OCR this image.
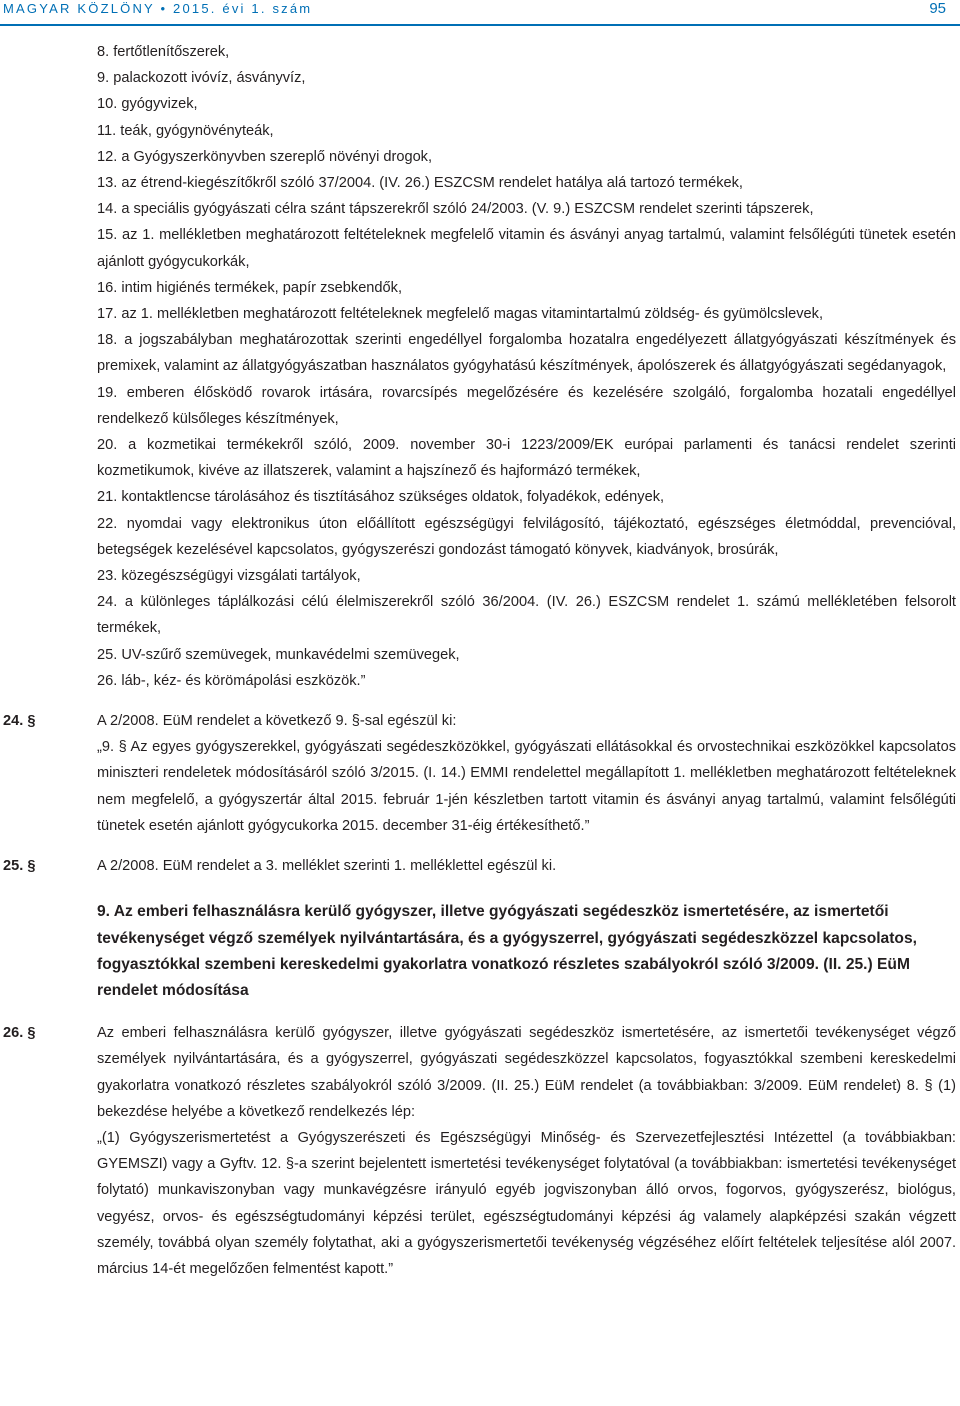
MAGYAR KÖZLÖNY • 2015. évi 1. szám	95

8. fertőtlenítőszerek,

9. palackozott ivóvíz, ásványvíz,

10. gyógyvizek,

11. teák, gyógynövényteák,

12. a Gyógyszerkönyvben szereplő növényi drogok,

13. az étrend-kiegészítőkről szóló 37/2004. (IV. 26.) ESZCSM rendelet hatálya alá tartozó termékek,

14. a speciális gyógyászati célra szánt tápszerekről szóló 24/2003. (V. 9.) ESZCSM rendelet szerinti tápszerek,

15. az 1. mellékletben meghatározott feltételeknek megfelelő vitamin és ásványi anyag tartalmú, valamint felsőlégúti tünetek esetén ajánlott gyógycukorkák,

16. intim higiénés termékek, papír zsebkendők,

17. az 1. mellékletben meghatározott feltételeknek megfelelő magas vitamintartalmú zöldség- és gyümölcslevek,

18. a jogszabályban meghatározottak szerinti engedéllyel forgalomba hozatalra engedélyezett állatgyógyászati készítmények és premixek, valamint az állatgyógyászatban használatos gyógyhatású készítmények, ápolószerek és állatgyógyászati segédanyagok,

19. emberen élősködő rovarok irtására, rovarcsípés megelőzésére és kezelésére szolgáló, forgalomba hozatali engedéllyel rendelkező külsőleges készítmények,

20. a kozmetikai termékekről szóló, 2009. november 30-i 1223/2009/EK európai parlamenti és tanácsi rendelet szerinti kozmetikumok, kivéve az illatszerek, valamint a hajszínező és hajformázó termékek,

21. kontaktlencse tárolásához és tisztításához szükséges oldatok, folyadékok, edények,

22. nyomdai vagy elektronikus úton előállított egészségügyi felvilágosító, tájékoztató, egészséges életmóddal, prevencióval, betegségek kezelésével kapcsolatos, gyógyszerészi gondozást támogató könyvek, kiadványok, brosúrák,

23. közegészségügyi vizsgálati tartályok,

24. a különleges táplálkozási célú élelmiszerekről szóló 36/2004. (IV. 26.) ESZCSM rendelet 1. számú mellékletében felsorolt termékek,

25. UV-szűrő szemüvegek, munkavédelmi szemüvegek,

26. láb-, kéz- és körömápolási eszközök.”

24. §	A 2/2008. EüM rendelet a következő 9. §-sal egészül ki:

„9. § Az egyes gyógyszerekkel, gyógyászati segédeszközökkel, gyógyászati ellátásokkal és orvostechnikai eszközökkel kapcsolatos miniszteri rendeletek módosításáról szóló 3/2015. (I. 14.) EMMI rendelettel megállapított 1. mellékletben meghatározott feltételeknek nem megfelelő, a gyógyszertár által 2015. február 1-jén készletben tartott vitamin és ásványi anyag tartalmú, valamint felsőlégúti tünetek esetén ajánlott gyógycukorka 2015. december 31-éig értékesíthető.”

25. §	A 2/2008. EüM rendelet a 3. melléklet szerinti 1. melléklettel egészül ki.

9. Az emberi felhasználásra kerülő gyógyszer, illetve gyógyászati segédeszköz ismertetésére, az ismertetői tevékenységet végző személyek nyilvántartására, és a gyógyszerrel, gyógyászati segédeszközzel kapcsolatos, fogyasztókkal szembeni kereskedelmi gyakorlatra vonatkozó részletes szabályokról szóló 3/2009. (II. 25.) EüM rendelet módosítása
26. §	Az emberi felhasználásra kerülő gyógyszer, illetve gyógyászati segédeszköz ismertetésére, az ismertetői tevékenységet végző személyek nyilvántartására, és a gyógyszerrel, gyógyászati segédeszközzel kapcsolatos, fogyasztókkal szembeni kereskedelmi gyakorlatra vonatkozó részletes szabályokról szóló 3/2009. (II. 25.) EüM rendelet (a továbbiakban: 3/2009. EüM rendelet) 8. § (1) bekezdése helyébe a következő rendelkezés lép:

„(1) Gyógyszerismertetést a Gyógyszerészeti és Egészségügyi Minőség- és Szervezetfejlesztési Intézettel (a továbbiakban: GYEMSZI) vagy a Gyftv. 12. §-a szerint bejelentett ismertetési tevékenységet folytatóval (a továbbiakban: ismertetési tevékenységet folytató) munkaviszonyban vagy munkavégzésre irányuló egyéb jogviszonyban álló orvos, fogorvos, gyógyszerész, biológus, vegyész, orvos- és egészségtudományi képzési terület, egészségtudományi képzési ág valamely alapképzési szakán végzett személy, továbbá olyan személy folytathat, aki a gyógyszerismertetői tevékenység végzéséhez előírt feltételek teljesítése alól 2007. március 14-ét megelőzően felmentést kapott.”
